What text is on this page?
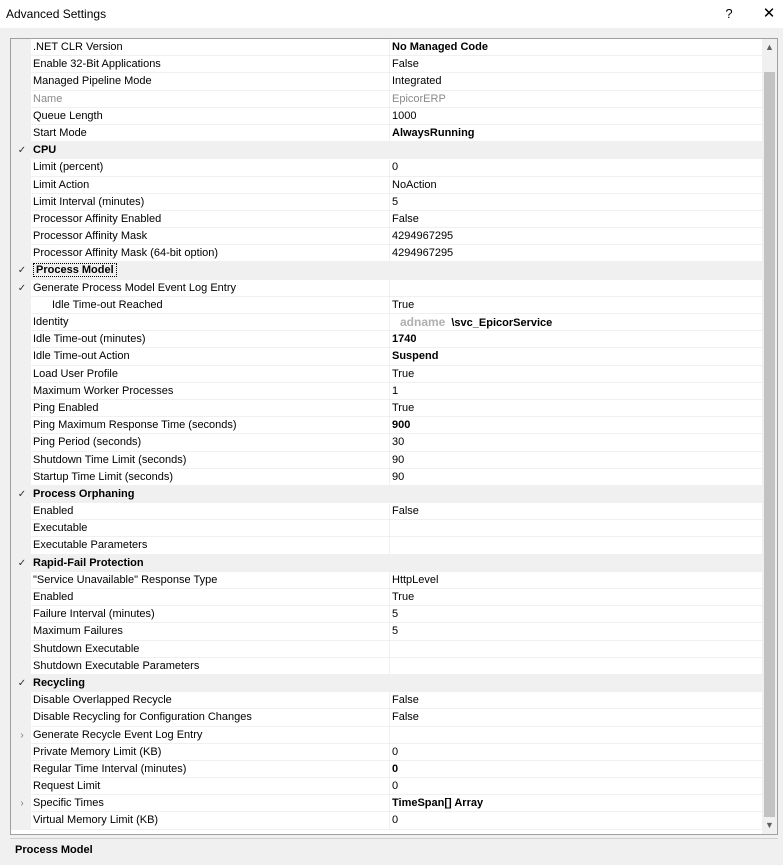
Advanced Settings	?	✕
.NET CLR Version	No Managed Code
Enable 32-Bit Applications	False
Managed Pipeline Mode	Integrated
Name	EpicorERP
Queue Length	1000
Start Mode	AlwaysRunning
✓ CPU
Limit (percent)	0
Limit Action	NoAction
Limit Interval (minutes)	5
Processor Affinity Enabled	False
Processor Affinity Mask	4294967295
Processor Affinity Mask (64-bit option)	4294967295
✓ Process Model
✓ Generate Process Model Event Log Entry
Idle Time-out Reached	True
Identity	adname \svc_EpicorService
Idle Time-out (minutes)	1740
Idle Time-out Action	Suspend
Load User Profile	True
Maximum Worker Processes	1
Ping Enabled	True
Ping Maximum Response Time (seconds)	900
Ping Period (seconds)	30
Shutdown Time Limit (seconds)	90
Startup Time Limit (seconds)	90
✓ Process Orphaning
Enabled	False
Executable
Executable Parameters
✓ Rapid-Fail Protection
"Service Unavailable" Response Type	HttpLevel
Enabled	True
Failure Interval (minutes)	5
Maximum Failures	5
Shutdown Executable
Shutdown Executable Parameters
✓ Recycling
Disable Overlapped Recycle	False
Disable Recycling for Configuration Changes	False
› Generate Recycle Event Log Entry
Private Memory Limit (KB)	0
Regular Time Interval (minutes)	0
Request Limit	0
› Specific Times	TimeSpan[] Array
Virtual Memory Limit (KB)	0
▲
▼
Process Model
